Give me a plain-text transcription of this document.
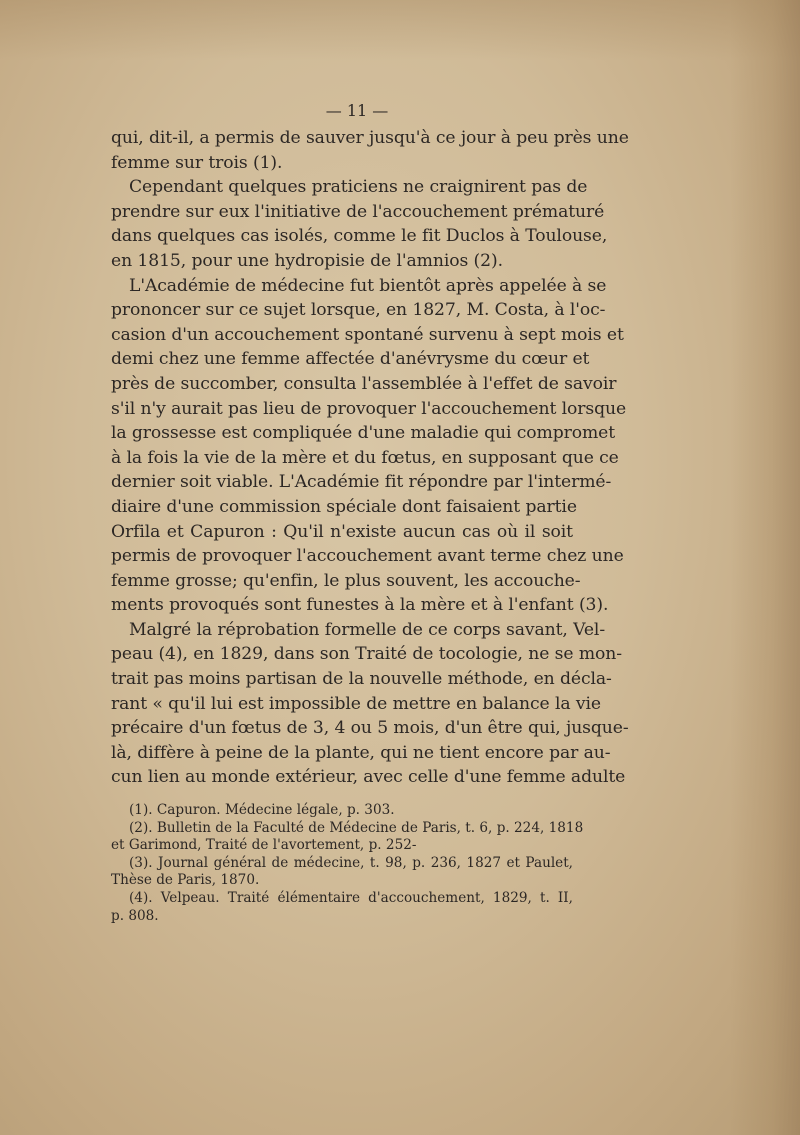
— 11 —
qui, dit-il, a permis de sauver jusqu'à ce jour à peu près une
femme sur trois (1).
Cependant quelques praticiens ne craignirent pas de
prendre sur eux l'initiative de l'accouchement prématuré
dans quelques cas isolés, comme le fit Duclos à Toulouse,
en 1815, pour une hydropisie de l'amnios (2).
L'Académie de médecine fut bientôt après appelée à se
prononcer sur ce sujet lorsque, en 1827, M. Costa, à l'oc-
casion d'un accouchement spontané survenu à sept mois et
demi chez une femme affectée d'anévrysme du cœur et
près de succomber, consulta l'assemblée à l'effet de savoir
s'il n'y aurait pas lieu de provoquer l'accouchement lorsque
la grossesse est compliquée d'une maladie qui compromet
à la fois la vie de la mère et du fœtus, en supposant que ce
dernier soit viable. L'Académie fit répondre par l'intermé-
diaire d'une commission spéciale dont faisaient partie
Orfila et Capuron : Qu'il n'existe aucun cas où il soit
permis de provoquer l'accouchement avant terme chez une
femme grosse; qu'enfin, le plus souvent, les accouche-
ments provoqués sont funestes à la mère et à l'enfant (3).
Malgré la réprobation formelle de ce corps savant, Vel-
peau (4), en 1829, dans son Traité de tocologie, ne se mon-
trait pas moins partisan de la nouvelle méthode, en décla-
rant « qu'il lui est impossible de mettre en balance la vie
précaire d'un fœtus de 3, 4 ou 5 mois, d'un être qui, jusque-
là, diffère à peine de la plante, qui ne tient encore par au-
cun lien au monde extérieur, avec celle d'une femme adulte
(1). Capuron. Médecine légale, p. 303.
(2). Bulletin de la Faculté de Médecine de Paris, t. 6, p. 224, 1818
et Garimond, Traité de l'avortement, p. 252-
(3). Journal général de médecine, t. 98, p. 236, 1827 et Paulet,
Thèse de Paris, 1870.
(4). Velpeau. Traité élémentaire d'accouchement, 1829, t. II,
p. 808.
